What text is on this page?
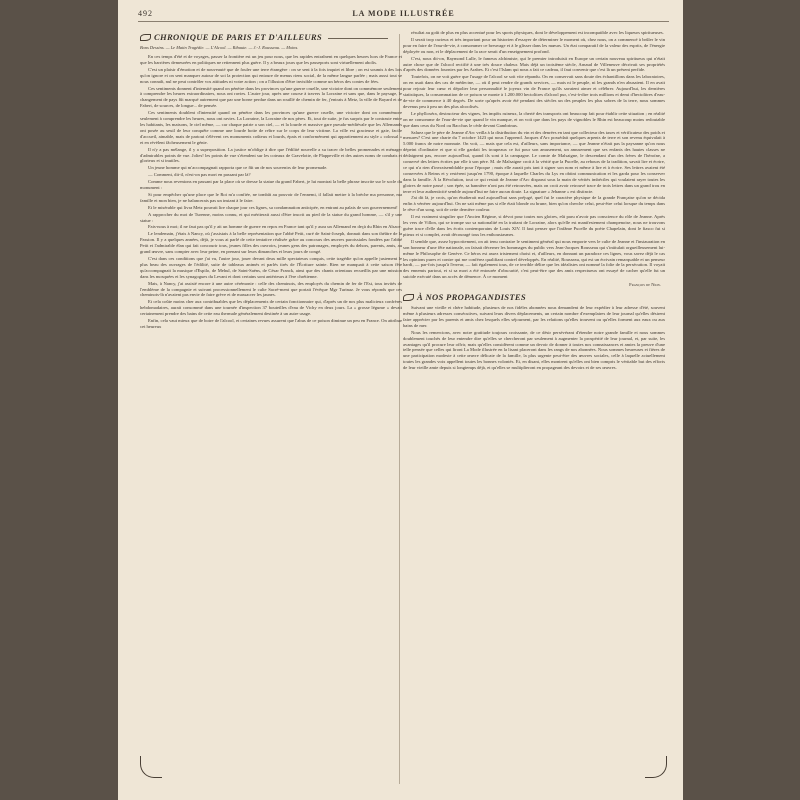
492	LA MODE ILLUSTRÉE
CHRONIQUE DE PARIS ET D'AILLEURS
Bons Dessins. — Le Matin Tragédie. — L'Alcool. — Ribaute. — J.-J. Rousseau. — Moins.

En ces temps d'été et de voyages, passer la frontière est un jeu pour nous, que les rapides entraînent en quelques heures hors de France et que les barrières demeurées en politiques ne retiennent plus guère. Il y a beaux jours que les passeports sont virtuellement abolis.

C'est un plaisir d'émotion et de nouveauté que de fouler une terre étrangère : on se sent à la fois inquiet et libre ; on est soumis à des lois qu'on ignore et on sent manquer autour de soi la protection qui entoure de menus riens social, de la même langue parlée ; mais aussi tout se nous connaît, nul ne peut contrôler vos attitudes ni votre action ; on a l'illusion d'être invisible comme un héros des contes de fées.

Ces sentiments donnent d'intensité quand on pénètre dans les provinces qu'une guerre cruelle, une victoire dont on commémore seulement à comprendre les heures extraordinaires, nous ont ravies. L'autre jour, après une course à travers la Lorraine et sans que, dans le paysage, le changement de pays fût marqué autrement que par une borne perdue dans un rouillé de chemin de fer, j'entrais à Metz, la ville de Bayard et de Fabert, de sources, de longue... de pensée.

Ces sentiments doublent d'intensité quand on pénètre dans les provinces qu'une guerre cruelle, une victoire dont on commémore seulement à comprendre les heures, nous ont ravies. La Lorraine, la Lorraine de nos pères. Et, tout de suite, je fus surpris par le contraste entre les habitants, les maisons, le ciel même, — car chaque patrie a son ciel, — et la lourde et massive gare pseudo-médiévale que les Allemands ont posée au seuil de leur conquête comme une lourde botte de reître sur le corps de leur victime. La ville est gracieuse et gaie, facile d'accueil, aimable, mais de partout s'élèvent ces monuments coûteux et lourds, épais et conformément qui appartiennent au style « colossal » et en révèlent fâcheusement le génie.

Il n'y a pas mélange, il y a superposition. La justice m'oblige à dire que l'édilité nouvelle a su tracer de belles promenades et ménager d'admirables points de vue. Jolies! les points de vue s'étendent sur les coteaux de Gravelotte, de Plappeville et des autres noms de combats et glorieux et si inutiles.

Un jeune homme qui m'accompagnait rapporta que ce fût un de nos souvenirs de leur promenade.

— Comment, dit-il, n'est-on pas mort en passant par là?

Comme nous revenions en passant par la place où se dresse la statue du grand Fabert, je lui montrai la belle phrase inscrite sur le socle du monument :

Si pour empêcher qu'une place que le Roi m'a confiée, ne tombât au pouvoir de l'ennemi, il fallait mettre à la brèche ma personne, ma famille et mon bien, je ne balancerais pas un instant à le faire.

Et le misérable qui livra Metz pouvait lire chaque jour ces lignes, sa condamnation anticipée, en entrant au palais de son gouvernement!

A rapprocher du mot de Turenne, moins connu, et qui mériterait aussi d'être inscrit au pied de la statue du grand homme, — s'il y une statue :

Fais-nous à moi; il ne faut pas qu'il y ait un homme de guerre en repos en France tant qu'il y aura un Allemand en deçà du Rhin en Alsace.

Le lendemain, j'étais à Nancy, où j'assistais à la belle représentation que l'abbé Petit, curé de Saint-Joseph, donnait dans son théâtre de la Passion. Il y a quelques années, déjà, je vous ai parlé de cette tentative réalisée grâce au concours des œuvres paroissiales fondées par l'abbé Petit et l'admirable élan qui fait concourir tous, jeunes filles des ouvroirs, jeunes gens des patronages, employés du dehors, parents, amis, au grand œuvre, sans compter avec leur peine, en prenant sur leurs dimanches et leurs jours de congé.

C'est dans ces conditions que j'ai vu, l'autre jour, jouer devant deux mille spectateurs conquis, cette tragédie qu'on appelle justement le plus beau des ouvrages de l'édilité, suite de tableaux animés et parlés tirés de l'Écriture sainte. Rien ne manquait à cette saison fête qu'accompagnait la musique d'Espilo, de Mehul, de Saint-Saëns, de César Franck, ainsi que des chants orientaux recueillis par une mission dans les mosquées et les synagogues du Levant et dont certains sont antérieurs à l'ère chrétienne.

Mais, à Nancy, j'ai assisté encore à une autre cérémonie : celle des cheminots, des employés du chemin de fer de l'Est, tous invités de l'emblème de la compagnie et suivant processionnellement le culte Sacré-ment que portait l'évêque Mgr Turinaz. Je vous réponds que ces cheminots-là n'avaient pas envie de faire grève et de massacrer les jaunes.

Et cela coûte moins cher aux contribuables que les déplacements de certain fonctionnaire qui, d'après un de nos plus malicieux confrères hebdomadaires, aurait consommé dans une tournée d'inspection 37 bouteilles d'eau de Vichy en deux jours. La « grosse légume » devait certainement prendre des bains de cette eau thermale généralement destinée à un autre usage.

Enfin, cela vaut mieux que de boire de l'alcool, et certaines revues assurent que l'abus de ce poison diminue un peu en France. On attribue cet heureux

résultat au goût de plus en plus accentué pour les sports physiques, dont le développement est incompatible avec les liqueurs spiritueuses.

Il serait trop curieux et très important pour un historien d'essayer de déterminer le moment où, chez nous, on a commencé à brûler le vin pour en faire de l'eau-de-vie, à consommer ce breuvage et à le glisser dans les mœurs. Un état comparatif de la valeur des esprits, de l'énergie déployée ou non, et le déplacement de la race serait d'un enseignement profond.

C'est, nous dit-on, Raymond Lulle, le fameux alchimiste, qui le premier introduisit en Europe un certain nouveau spiritueux qui n'était autre chose que de l'alcool rectifié à une très douce chaleur. Mais déjà un troisième siècle, Arnaud de Villeneuve décrivait ses propriétés d'après des données fournies par les Arabes. Et c'est l'Islam qui nous a fait ce cadeau, il faut convenir que c'est là un présent perfide.

Toutefois, on ne voit guère que l'usage de l'alcool se soit vite répandu. On en conservait sans doute des échantillons dans les laboratoires, on en usait dans des cas de médecine, — où il peut rendre de grands services, — mais ni le peuple, ni les grands n'en abusaient. Il en avait pour rejouir leur cœur et dépolier leur personnalité le joyeux vin de France qu'ils savaient aimer et célébrer. Aujourd'hui, les dernières statistiques, la consommation de ce poison se monte à 1.200.000 hectolitres d'alcool pur, c'est-à-dire trois millions et demi d'hectolitres d'eau-de-vie de commerce à 40 degrés. De sorte qu'après avoir été pendant des siècles un des peuples les plus sobres de la terre, nous sommes devenus peu à peu un des plus alcoolisés.

Le phylloxéra, destructeur des vignes, les impôts ruineux, la cherté des transports ont beaucoup fait pour établir cette situation ; en réalité on ne consomme de l'eau-de-vie que quand le vin manque, et on voit que dans les pays de vignobles le Rhin est beaucoup moins redoutable que dans ceux du Nord ou Bacchus le cède devant Gambrinus.

Saluez que le père de Jeanne d'Arc veilla à la distribution du vin et des denrées en tant que collecteur des taxes et vérificateur des poids et mesures? C'est une charte du 7 octobre 1423 qui nous l'apprend. Jacques d'Arc possédait quelques arpents de terre et son revenu équivalait à 5.000 francs de notre monnaie. On voit, — mais que cela est, d'ailleurs, sans importance, — que Jeanne n'était pas la paysanne qu'on nous dépeint d'ordinaire et que si elle gardait les troupeaux ce fut pour son amusement, un amusement que ses enfants des hautes classes ne dédaignent pas, encore aujourd'hui, quand ils sont à la campagne. Le comte de Malsaigne, le descendant d'un des frères de l'héroïne, a conservé des lettres écrites par elle à son père. M. de Malsaigne croit à la vérité que la Pucelle, au rebours de la tradition, savait lire et écrire, ce qui n'a rien d'invraisemblable pour l'époque ; mais elle aurait pris tant à signer son nom et même à lire et à écrire. Ses lettres avaient été conservées à Reims et y restèrent jusqu'en 1790, époque à laquelle Charles du Lys en obtint communication et les garda pour les conserver dans la famille. À la Révolution, tout ce qui restait de Jeanne d'Arc disparut sous la main de vérités imbéciles qui voulaient rayer toutes les gloires de notre passé ; son épée, sa bannière n'ont pas été retrouvées, mais on croit avoir retrouvé trace de trois lettres dans un grand trou en terre et leur authenticité semble aujourd'hui ne faire aucun doute. La signature « Jehanne » est distincte.

J'ai dit là, je crois, qu'on étudierait mal aujourd'hui sans préjugé, quel fut le caractère physique de la grande Française qu'on se décida enfin à vénérer aujourd'hui. On ne sait même pas si elle était blonde ou brune, bien qu'on cherche celui, peut-être celui lorsque du temps dans le rêve d'un song, soit de cette dernière couleur.

Il est vraiment singulier que l'Ancien Régime, si dévot pour toutes nos gloires, eût paru n'avoir pas conscience du rôle de Jeanne. Après les vers de Villon, qui se trompe sur sa nationalité en la traitant de Lorraine, alors qu'elle est manifestement champenoise, nous ne trouvons guère trace d'elle dans les écrits contemporains de Louis XIV. Il faut penser que l'infâme Pucelle du poète Chapelain, dont le fiasco fut si piteux et si complet, avait découragé tous les enthousiasmes.

Il semble que, assez hypocritement, on ait tenu contraire le sentiment général qui nous emporte vers le culte de Jeanne et l'instauration en son honneur d'une fête nationale, on faisait décerner les hommages du public vers Jean-Jacques Rousseau qui s'intitulait orgueilleusement lui-même le Philosophe de Genève. Ce héros est assez tristement choisi et, d'ailleurs, en donnant un paradoxe ces lignes, vous savez déjà le cas les opinions pures et contre qui me conférez qualifiant contrel développés. En réalité, Rousseau, qui est un écrivain remarquable et un penseur hardi, — par-fois jusqu'à l'erreur, — fait également tous, de ce terrible délire que les idéalistes ont nommé la folie de la persécution. Il voyait des ennemis partout, et si sa mort a été entourée d'obscurité, c'est peut-être que des amis respectueux ont essayé de cacher qu'elle fut un suicide exécuté dans un accès de démence. À ce moment

François de Nion.
À NOS PROPAGANDISTES

Suivant une vieille et chère habitude, plusieurs de nos fidèles abonnées nous demandent de leur expédier à leur adresse d'été, souvent même à plusieurs adresses consécutives, suivant leurs divers déplacements, un certain nombre d'exemplaires de leur journal qu'elles désirent faire apprécier par les parents et amis chez lesquels elles séjournent, par les relations qu'elles trouvent ou qu'elles forment aux eaux ou aux bains de mer.

Nous les remercions, avec notre gratitude toujours croissante, de ce désir persévérant d'étendre notre grande famille et nous sommes doublement touchés de leur entendre dire qu'elles se chercheront par seulement à augmenter la prospérité de leur journal, et, par suite, les avantages qu'il procure leur offrir, mais qu'elles considèrent comme un devoir de donner à toutes nos connaissances et amies la preuve d'une telle pensée que celles qui liront La Mode illustrée en la lisant placeront dans les rangs de nos abonnées. Nous sommes heureuses et fières de une participation modeste à cette œuvre délicate de la famille, la plus urgente peut-être des œuvres sociales, celle à laquelle actuellement toutes les grandes voix appellent toutes les bonnes volontés. Et, en disant, elles montrent qu'elles ont bien compris le véritable but des efforts de leur vieille amie depuis si longtemps déjà, et qu'elles se multiplieront en propageant des devoirs et de ses œuvres.
